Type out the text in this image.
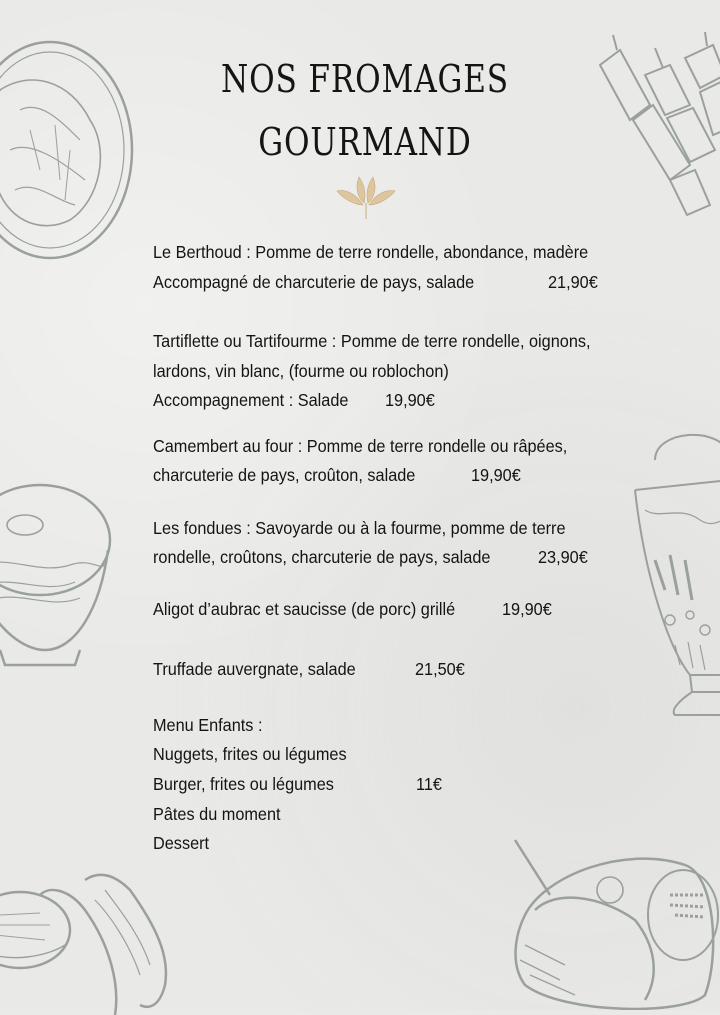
NOS FROMAGES
GOURMAND
Le Berthoud : Pomme de terre rondelle, abondance, madère
Accompagné de charcuterie de pays, salade	21,90€
Tartiflette ou Tartifourme : Pomme de terre rondelle, oignons,
lardons, vin blanc, (fourme ou roblochon)
Accompagnement : Salade 19,90€
Camembert au four : Pomme de terre rondelle ou râpées,
charcuterie de pays, croûton, salade	19,90€
Les fondues : Savoyarde ou à la fourme, pomme de terre
rondelle, croûtons, charcuterie de pays, salade	23,90€
Aligot d’aubrac et saucisse (de porc) grillé	19,90€
Truffade auvergnate, salade	21,50€
Menu Enfants :
Nuggets, frites ou légumes
Burger, frites ou légumes	11€
Pâtes du moment
Dessert
